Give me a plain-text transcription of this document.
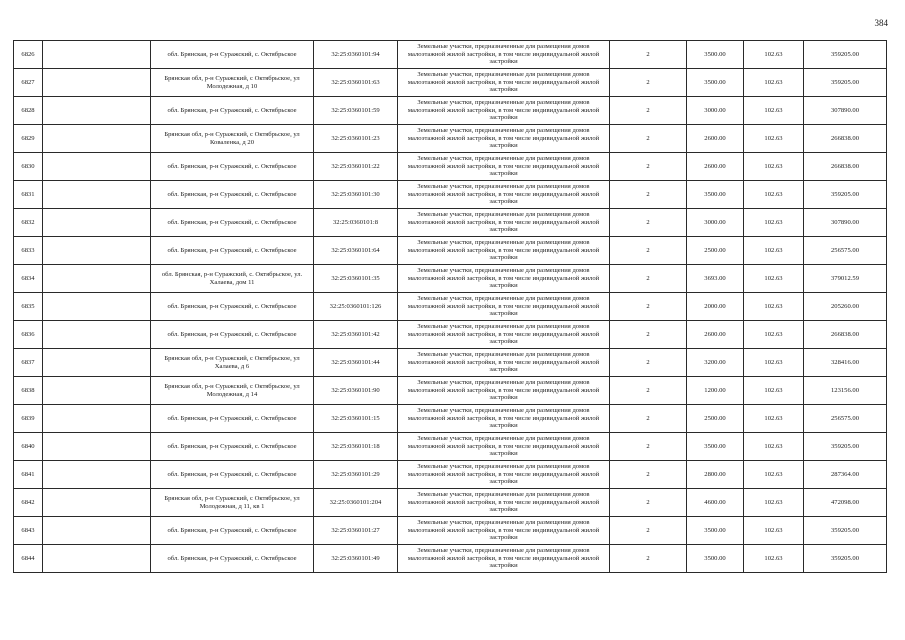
384
6826		обл. Брянская, р-н Суражский, с. Октябрьское	32:25:0360101:94	Земельные участки, предназначенные для размещения домов малоэтажной жилой застройки, в том числе индивидуальной жилой застройки	2	3500.00	102.63	359205.00
6827		Брянская обл, р-н Суражский, с Октябрьское, ул Молодежная, д 10	32:25:0360101:63	Земельные участки, предназначенные для размещения домов малоэтажной жилой застройки, в том числе индивидуальной жилой застройки	2	3500.00	102.63	359205.00
6828		обл. Брянская, р-н Суражский, с. Октябрьское	32:25:0360101:59	Земельные участки, предназначенные для размещения домов малоэтажной жилой застройки, в том числе индивидуальной жилой застройки	2	3000.00	102.63	307890.00
6829		Брянская обл, р-н Суражский, с Октябрьское, ул Коваленка, д 20	32:25:0360101:23	Земельные участки, предназначенные для размещения домов малоэтажной жилой застройки, в том числе индивидуальной жилой застройки	2	2600.00	102.63	266838.00
6830		обл. Брянская, р-н Суражский, с. Октябрьское	32:25:0360101:22	Земельные участки, предназначенные для размещения домов малоэтажной жилой застройки, в том числе индивидуальной жилой застройки	2	2600.00	102.63	266838.00
6831		обл. Брянская, р-н Суражский, с. Октябрьское	32:25:0360101:30	Земельные участки, предназначенные для размещения домов малоэтажной жилой застройки, в том числе индивидуальной жилой застройки	2	3500.00	102.63	359205.00
6832		обл. Брянская, р-н Суражский, с. Октябрьское	32:25:0360101:8	Земельные участки, предназначенные для размещения домов малоэтажной жилой застройки, в том числе индивидуальной жилой застройки	2	3000.00	102.63	307890.00
6833		обл. Брянская, р-н Суражский, с. Октябрьское	32:25:0360101:64	Земельные участки, предназначенные для размещения домов малоэтажной жилой застройки, в том числе индивидуальной жилой застройки	2	2500.00	102.63	256575.00
6834		обл. Брянская, р-н Суражский, с. Октябрьское, ул. Халаева, дом 11	32:25:0360101:35	Земельные участки, предназначенные для размещения домов малоэтажной жилой застройки, в том числе индивидуальной жилой застройки	2	3693.00	102.63	379012.59
6835		обл. Брянская, р-н Суражский, с. Октябрьское	32:25:0360101:126	Земельные участки, предназначенные для размещения домов малоэтажной жилой застройки, в том числе индивидуальной жилой застройки	2	2000.00	102.63	205260.00
6836		обл. Брянская, р-н Суражский, с. Октябрьское	32:25:0360101:42	Земельные участки, предназначенные для размещения домов малоэтажной жилой застройки, в том числе индивидуальной жилой застройки	2	2600.00	102.63	266838.00
6837		Брянская обл, р-н Суражский, с Октябрьское, ул Халаева, д 6	32:25:0360101:44	Земельные участки, предназначенные для размещения домов малоэтажной жилой застройки, в том числе индивидуальной жилой застройки	2	3200.00	102.63	328416.00
6838		Брянская обл, р-н Суражский, с Октябрьское, ул Молодежная, д 14	32:25:0360101:90	Земельные участки, предназначенные для размещения домов малоэтажной жилой застройки, в том числе индивидуальной жилой застройки	2	1200.00	102.63	123156.00
6839		обл. Брянская, р-н Суражский, с. Октябрьское	32:25:0360101:15	Земельные участки, предназначенные для размещения домов малоэтажной жилой застройки, в том числе индивидуальной жилой застройки	2	2500.00	102.63	256575.00
6840		обл. Брянская, р-н Суражский, с. Октябрьское	32:25:0360101:18	Земельные участки, предназначенные для размещения домов малоэтажной жилой застройки, в том числе индивидуальной жилой застройки	2	3500.00	102.63	359205.00
6841		обл. Брянская, р-н Суражский, с. Октябрьское	32:25:0360101:29	Земельные участки, предназначенные для размещения домов малоэтажной жилой застройки, в том числе индивидуальной жилой застройки	2	2800.00	102.63	287364.00
6842		Брянская обл, р-н Суражский, с Октябрьское, ул Молодежная, д 11, кв 1	32:25:0360101:204	Земельные участки, предназначенные для размещения домов малоэтажной жилой застройки, в том числе индивидуальной жилой застройки	2	4600.00	102.63	472098.00
6843		обл. Брянская, р-н Суражский, с. Октябрьское	32:25:0360101:27	Земельные участки, предназначенные для размещения домов малоэтажной жилой застройки, в том числе индивидуальной жилой застройки	2	3500.00	102.63	359205.00
6844		обл. Брянская, р-н Суражский, с. Октябрьское	32:25:0360101:49	Земельные участки, предназначенные для размещения домов малоэтажной жилой застройки, в том числе индивидуальной жилой застройки	2	3500.00	102.63	359205.00
